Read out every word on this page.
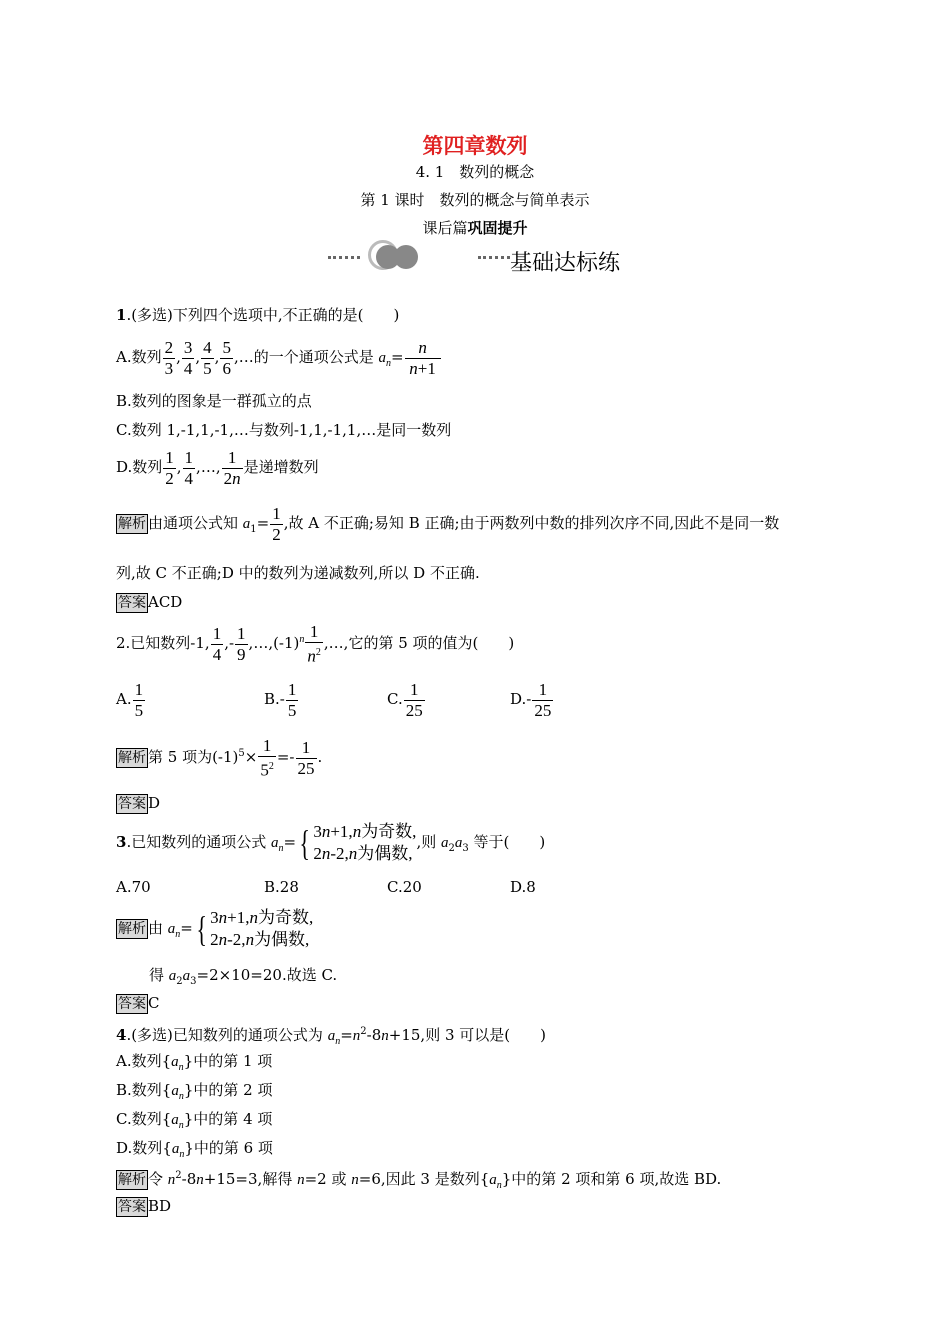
第四章数列
4. 1　数列的概念
第 1 课时　数列的概念与简单表示
课后篇巩固提升
基础达标练
1.(多选)下列四个选项中,不正确的是(　　)
A.数列 $\frac{2}{3}$ , $\frac{3}{4}$ , $\frac{4}{5}$ , $\frac{5}{6}$ ,…的一个通项公式是 $a_n= \frac{n}{n+1}$
B.数列的图象是一群孤立的点
C.数列 1,-1,1,-1,…与数列-1,1,-1,1,…是同一数列
D.数列 $\frac{1}{2}$ , $\frac{1}{4}$ ,…, $\frac{1}{2n}$ 是递增数列
解析 由通项公式知 $a_1= \frac{1}{2}$ ,故 A 不正确;易知 B 正确;由于两数列中数的排列次序不同,因此不是同一数
列,故 C 不正确;D 中的数列为递减数列,所以 D 不正确.
答案 ACD
2.已知数列-1, $\frac{1}{4}$ ,- $\frac{1}{9}$ $,\dots,(-1)^n \frac{1}{n^2}$ ,…,它的第 5 项的值为(　　)
A. $\frac{1}{5}$	$B.- \frac{1}{5}$	C. $\frac{1}{25}$	$D.- \frac{1}{25}$
解析 第 5 项为$(-1)^5\times \frac{1}{5^2} =- \frac{1}{25}$ .
答案 D
3.已知数列的通项公式 $a_n=${ 3n+1,n为奇数,
2n-2,n为偶数,
,则 $a_2a_3$ 等于(　　)
A.70	B.28	C.20	D.8
解析 由 $a_n=${ 3n+1,n为奇数,
2n-2,n为偶数,
得 $a_2a_3=2\times 10=20$.故选 C.
答案 C
4.(多选)已知数列的通项公式为 $a_n=n^2-8n+15$,则 3 可以是(　　)
A.数列$\{a_n\}$中的第 1 项
B.数列$\{a_n\}$中的第 2 项
C.数列$\{a_n\}$中的第 4 项
D.数列$\{a_n\}$中的第 6 项
解析 令 $n^2-8n+15=3$,解得 n=2 或 n=6,因此 3 是数列$\{a_n\}$中的第 2 项和第 6 项,故选 BD.
答案 BD
